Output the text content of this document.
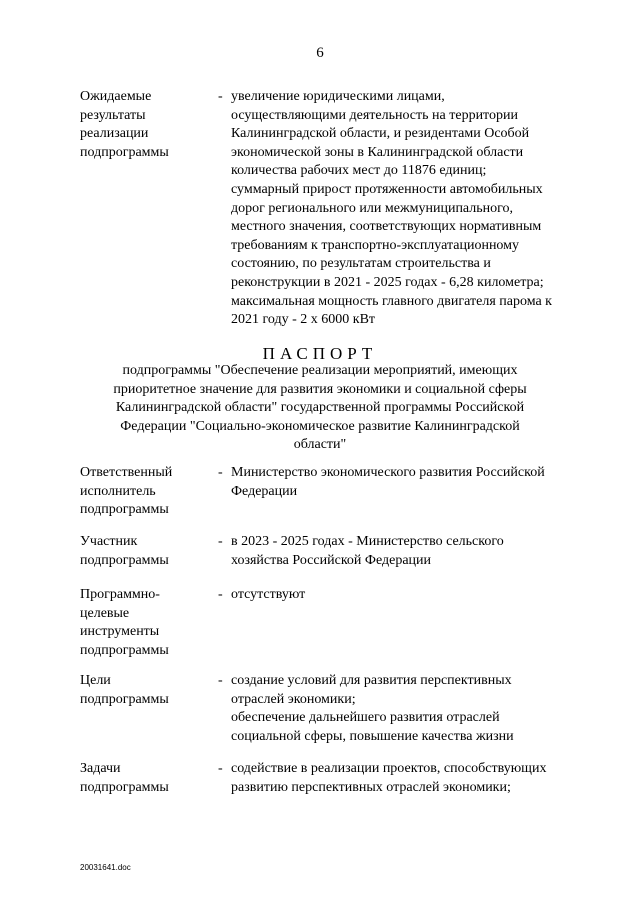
6
Ожидаемые
результаты
реализации
подпрограммы
- увеличение юридическими лицами, осуществляющими деятельность на территории Калининградской области, и резидентами Особой экономической зоны в Калининградской области количества рабочих мест до 11876 единиц;

суммарный прирост протяженности автомобильных дорог регионального или межмуниципального, местного значения, соответствующих нормативным требованиям к транспортно-эксплуатационному состоянию, по результатам строительства и реконструкции в 2021 - 2025 годах - 6,28 километра;

максимальная мощность главного двигателя парома к 2021 году - 2 х 6000 кВт

ПАСПОРТ
подпрограммы "Обеспечение реализации мероприятий, имеющих приоритетное значение для развития экономики и социальной сферы Калининградской области" государственной программы Российской Федерации "Социально-экономическое развитие Калининградской области"
Ответственный
исполнитель
подпрограммы
- Министерство экономического развития Российской Федерации

Участник
подпрограммы
- в 2023 - 2025 годах - Министерство сельского хозяйства Российской Федерации

Программно-
целевые
инструменты
подпрограммы
- отсутствуют

Цели
подпрограммы
- создание условий для развития перспективных отраслей экономики;

обеспечение дальнейшего развития отраслей социальной сферы, повышение качества жизни

Задачи
подпрограммы
- содействие в реализации проектов, способствующих развитию перспективных отраслей экономики;

20031641.doc
